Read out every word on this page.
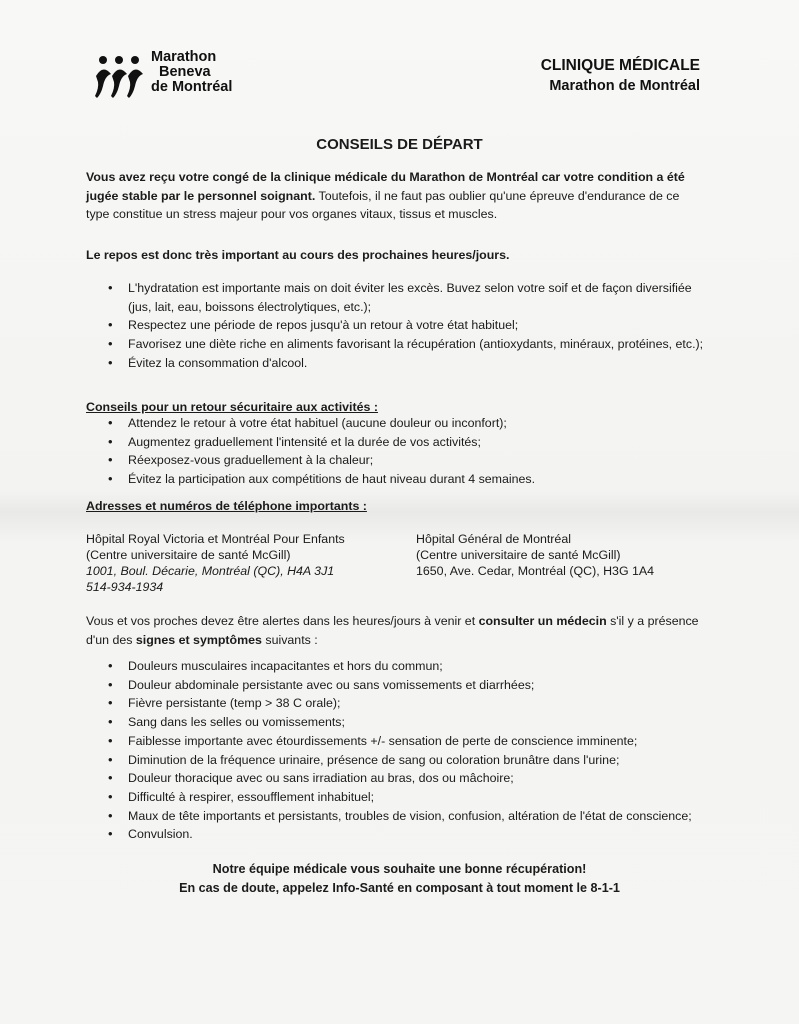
Marathon
Beneva
de Montréal
CLINIQUE MÉDICALE
Marathon de Montréal
CONSEILS DE DÉPART
Vous avez reçu votre congé de la clinique médicale du Marathon de Montréal car votre condition a été jugée stable par le personnel soignant. Toutefois, il ne faut pas oublier qu'une épreuve d'endurance de ce type constitue un stress majeur pour vos organes vitaux, tissus et muscles.
Le repos est donc très important au cours des prochaines heures/jours.
• L'hydratation est importante mais on doit éviter les excès. Buvez selon votre soif et de façon diversifiée (jus, lait, eau, boissons électrolytiques, etc.);
• Respectez une période de repos jusqu'à un retour à votre état habituel;
• Favorisez une diète riche en aliments favorisant la récupération (antioxydants, minéraux, protéines, etc.);
• Évitez la consommation d'alcool.
Conseils pour un retour sécuritaire aux activités :
• Attendez le retour à votre état habituel (aucune douleur ou inconfort);
• Augmentez graduellement l'intensité et la durée de vos activités;
• Réexposez-vous graduellement à la chaleur;
• Évitez la participation aux compétitions de haut niveau durant 4 semaines.
Adresses et numéros de téléphone importants :
Hôpital Royal Victoria et Montréal Pour Enfants
(Centre universitaire de santé McGill)
1001, Boul. Décarie, Montréal (QC), H4A 3J1
514-934-1934
Hôpital Général de Montréal
(Centre universitaire de santé McGill)
1650, Ave. Cedar, Montréal (QC), H3G 1A4
Vous et vos proches devez être alertes dans les heures/jours à venir et consulter un médecin s'il y a présence d'un des signes et symptômes suivants :
• Douleurs musculaires incapacitantes et hors du commun;
• Douleur abdominale persistante avec ou sans vomissements et diarrhées;
• Fièvre persistante (temp > 38 C orale);
• Sang dans les selles ou vomissements;
• Faiblesse importante avec étourdissements +/- sensation de perte de conscience imminente;
• Diminution de la fréquence urinaire, présence de sang ou coloration brunâtre dans l'urine;
• Douleur thoracique avec ou sans irradiation au bras, dos ou mâchoire;
• Difficulté à respirer, essoufflement inhabituel;
• Maux de tête importants et persistants, troubles de vision, confusion, altération de l'état de conscience;
• Convulsion.
Notre équipe médicale vous souhaite une bonne récupération!
En cas de doute, appelez Info-Santé en composant à tout moment le 8-1-1
